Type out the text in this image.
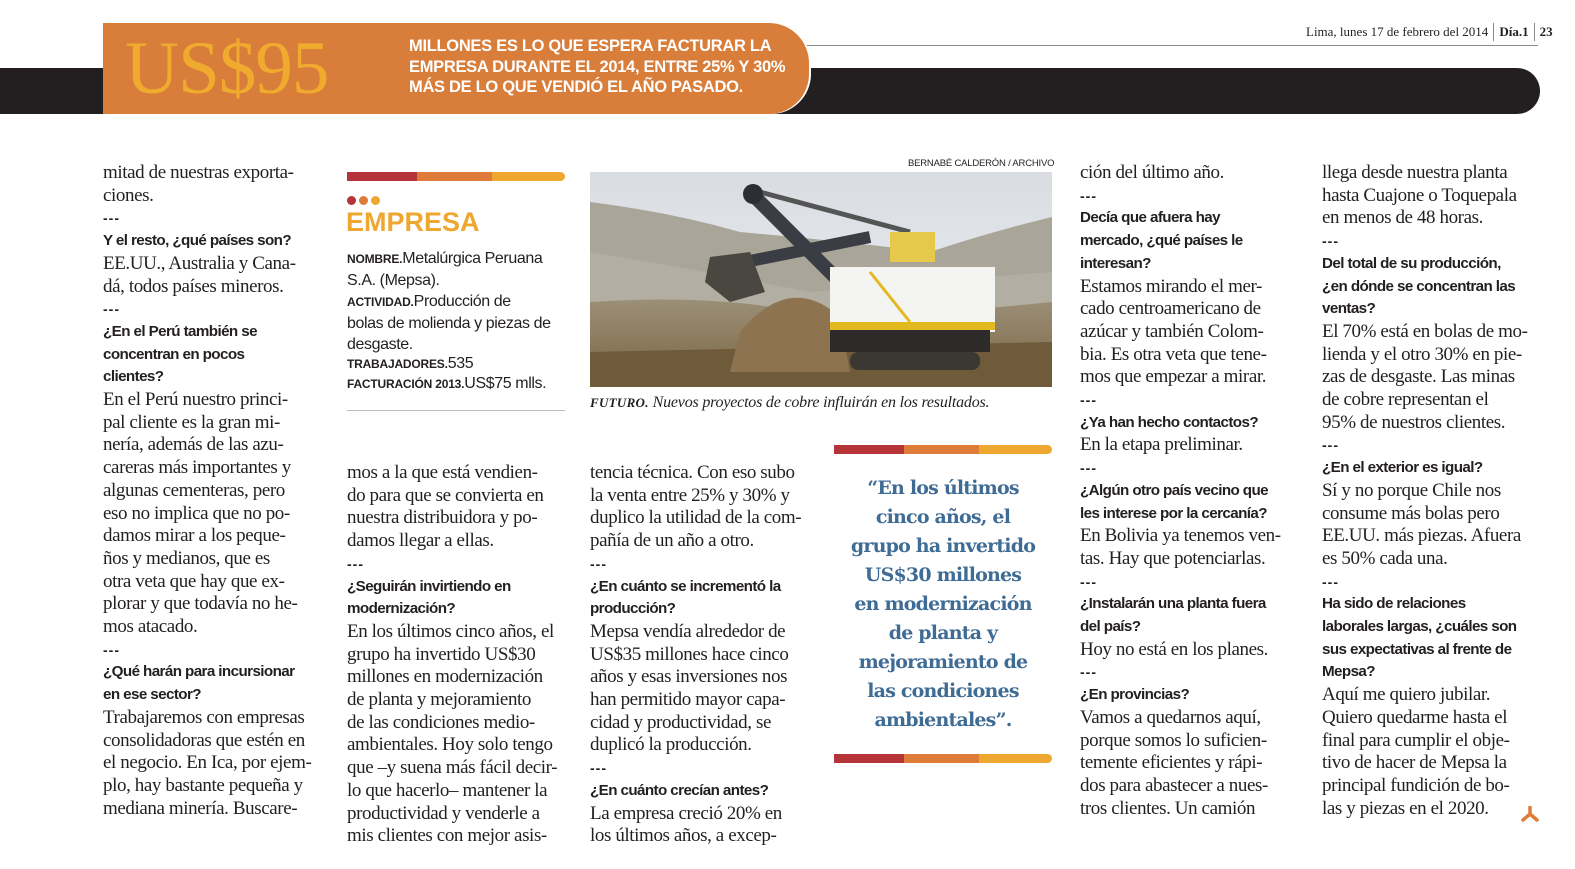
Lima, lunes 17 de febrero del 2014 Día.1 23
US$95	MILLONES ES LO QUE ESPERA FACTURAR LA
EMPRESA DURANTE EL 2014, ENTRE 25% Y 30%
MÁS DE LO QUE VENDIÓ EL AÑO PASADO.
mitad de nuestras exporta-
ciones.
---
Y el resto, ¿qué países son?
EE.UU., Australia y Cana-
dá, todos países mineros.
---
¿En el Perú también se
concentran en pocos
clientes?
En el Perú nuestro princi-
pal cliente es la gran mi-
nería, además de las azu-
careras más importantes y
algunas cementeras, pero
eso no implica que no po-
damos mirar a los peque-
ños y medianos, que es
otra veta que hay que ex-
plorar y que todavía no he-
mos atacado.
---
¿Qué harán para incursionar
en ese sector?
Trabajaremos con empresas
consolidadoras que estén en
el negocio. En Ica, por ejem-
plo, hay bastante pequeña y
mediana minería. Buscare-
EMPRESA
NOMBRE.Metalúrgica Peruana
S.A. (Mepsa).
ACTIVIDAD.Producción de
bolas de molienda y piezas de
desgaste.
TRABAJADORES.535
FACTURACIÓN 2013.US$75 mlls.
mos a la que está vendien-
do para que se convierta en
nuestra distribuidora y po-
damos llegar a ellas.
---
¿Seguirán invirtiendo en
modernización?
En los últimos cinco años, el
grupo ha invertido US$30
millones en modernización
de planta y mejoramiento
de las condiciones medio-
ambientales. Hoy solo tengo
que –y suena más fácil decir-
lo que hacerlo– mantener la
productividad y venderle a
mis clientes con mejor asis-
BERNABÉ CALDERÓN / ARCHIVO
FUTURO. Nuevos proyectos de cobre influirán en los resultados.
tencia técnica. Con eso subo
la venta entre 25% y 30% y
duplico la utilidad de la com-
pañía de un año a otro.
---
¿En cuánto se incrementó la
producción?
Mepsa vendía alrededor de
US$35 millones hace cinco
años y esas inversiones nos
han permitido mayor capa-
cidad y productividad, se
duplicó la producción.
---
¿En cuánto crecían antes?
La empresa creció 20% en
los últimos años, a excep-
“En los últimos
cinco años, el
grupo ha invertido
US$30 millones
en modernización
de planta y
mejoramiento de
las condiciones
ambientales”.
ción del último año.
---
Decía que afuera hay
mercado, ¿qué países le
interesan?
Estamos mirando el mer-
cado centroamericano de
azúcar y también Colom-
bia. Es otra veta que tene-
mos que empezar a mirar.
---
¿Ya han hecho contactos?
En la etapa preliminar.
---
¿Algún otro país vecino que
les interese por la cercanía?
En Bolivia ya tenemos ven-
tas. Hay que potenciarlas.
---
¿Instalarán una planta fuera
del país?
Hoy no está en los planes.
---
¿En provincias?
Vamos a quedarnos aquí,
porque somos lo suficien-
temente eficientes y rápi-
dos para abastecer a nues-
tros clientes. Un camión
llega desde nuestra planta
hasta Cuajone o Toquepala
en menos de 48 horas.
---
Del total de su producción,
¿en dónde se concentran las
ventas?
El 70% está en bolas de mo-
lienda y el otro 30% en pie-
zas de desgaste. Las minas
de cobre representan el
95% de nuestros clientes.
---
¿En el exterior es igual?
Sí y no porque Chile nos
consume más bolas pero
EE.UU. más piezas. Afuera
es 50% cada una.
---
Ha sido de relaciones
laborales largas, ¿cuáles son
sus expectativas al frente de
Mepsa?
Aquí me quiero jubilar.
Quiero quedarme hasta el
final para cumplir el obje-
tivo de hacer de Mepsa la
principal fundición de bo-
las y piezas en el 2020.
